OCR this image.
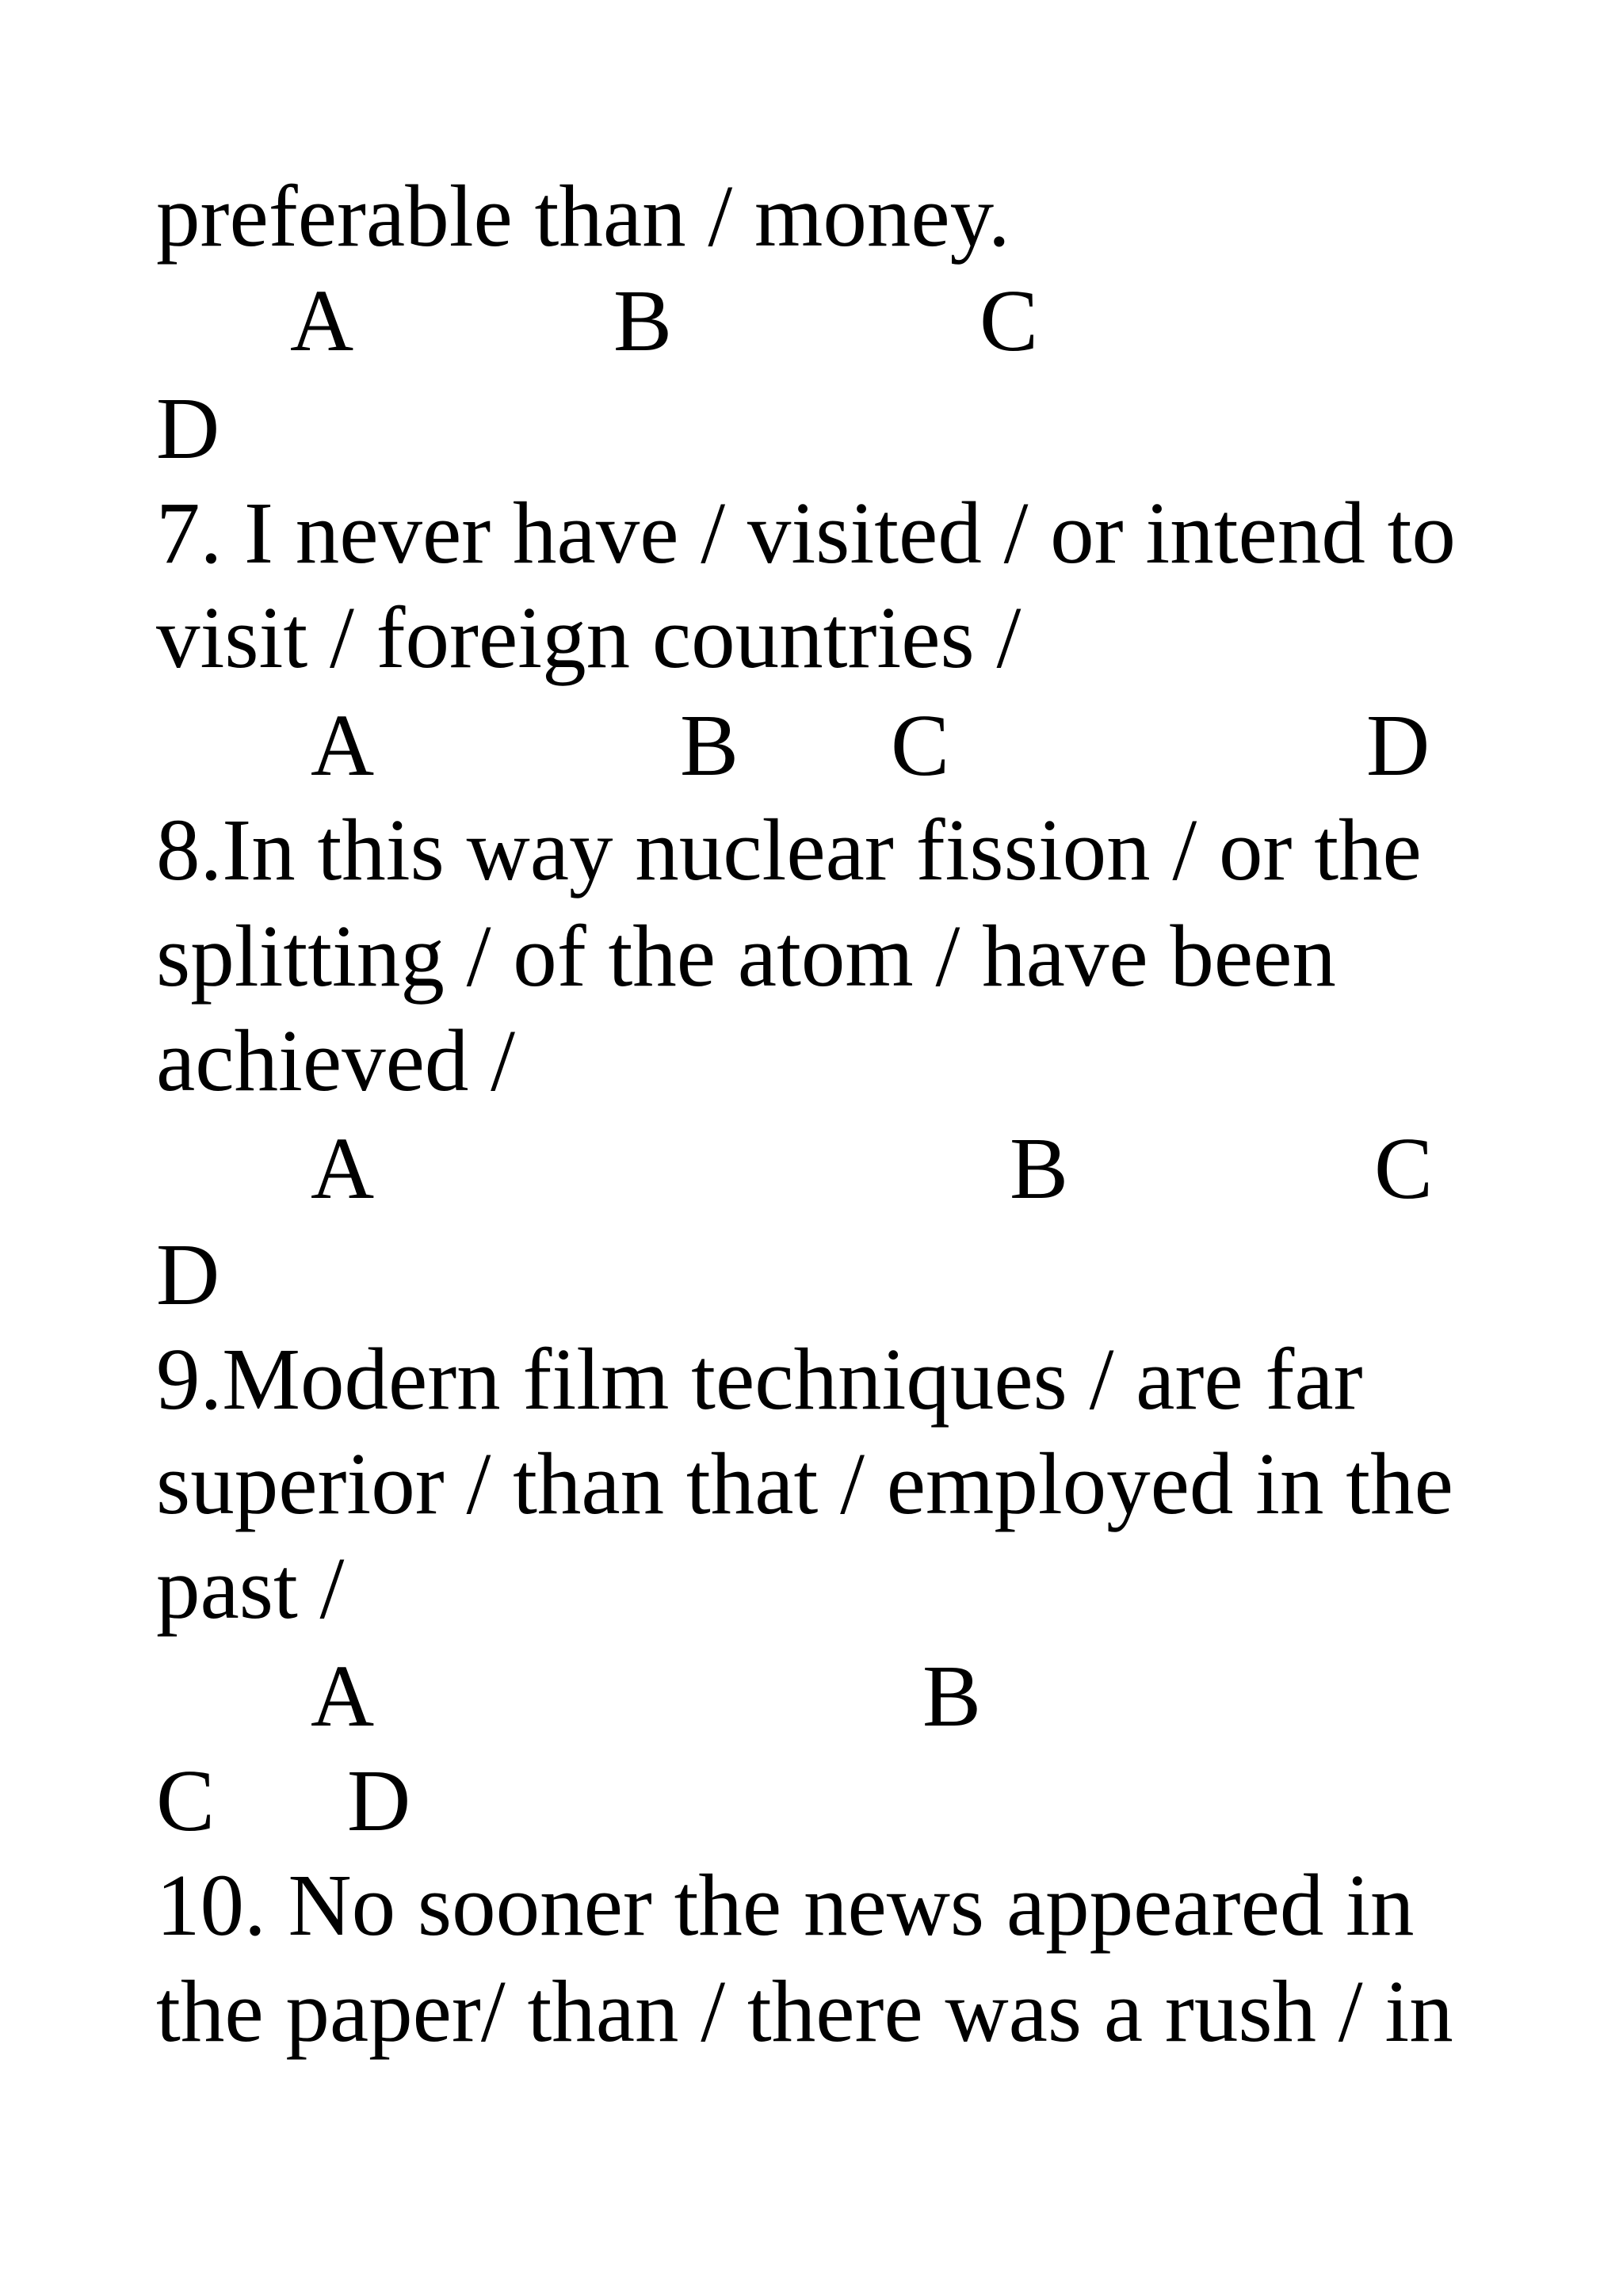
preferable than / money.

A	B	C

D

7. I never have / visited / or intend to

visit / foreign countries /

A	B C	D

8.In this way nuclear fission / or the

splitting / of the atom / have been

achieved /

A	B	C

D

9.Modern film techniques / are far

superior / than that / employed in the

past /

A	B

C D

10. No sooner the news appeared in

the paper/ than / there was a rush / in
